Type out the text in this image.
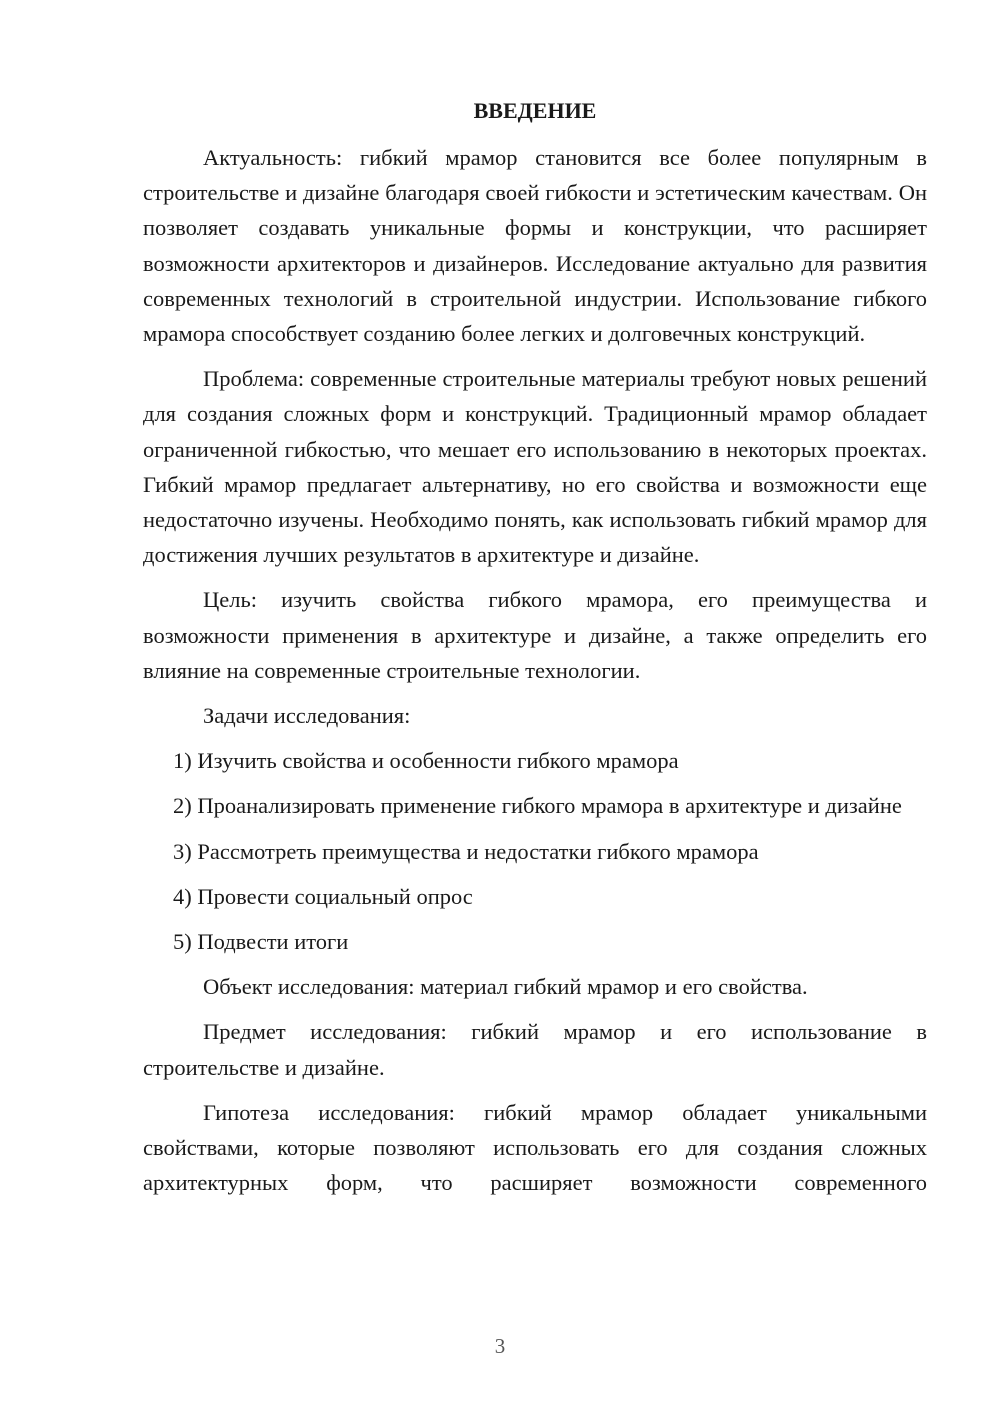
ВВЕДЕНИЕ

Актуальность: гибкий мрамор становится все более популярным в строительстве и дизайне благодаря своей гибкости и эстетическим качествам. Он позволяет создавать уникальные формы и конструкции, что расширяет возможности архитекторов и дизайнеров. Исследование актуально для развития современных технологий в строительной индустрии. Использование гибкого мрамора способствует созданию более легких и долговечных конструкций.

Проблема: современные строительные материалы требуют новых решений для создания сложных форм и конструкций. Традиционный мрамор обладает ограниченной гибкостью, что мешает его использованию в некоторых проектах. Гибкий мрамор предлагает альтернативу, но его свойства и возможности еще недостаточно изучены. Необходимо понять, как использовать гибкий мрамор для достижения лучших результатов в архитектуре и дизайне.

Цель: изучить свойства гибкого мрамора, его преимущества и возможности применения в архитектуре и дизайне, а также определить его влияние на современные строительные технологии.

Задачи исследования:

1) Изучить свойства и особенности гибкого мрамора

2) Проанализировать применение гибкого мрамора в архитектуре и дизайне

3) Рассмотреть преимущества и недостатки гибкого мрамора

4) Провести социальный опрос

5) Подвести итоги

Объект исследования: материал гибкий мрамор и его свойства.

Предмет исследования: гибкий мрамор и его использование в строительстве и дизайне.

Гипотеза исследования: гибкий мрамор обладает уникальными свойствами, которые позволяют использовать его для создания сложных архитектурных форм, что расширяет возможности современного

3
